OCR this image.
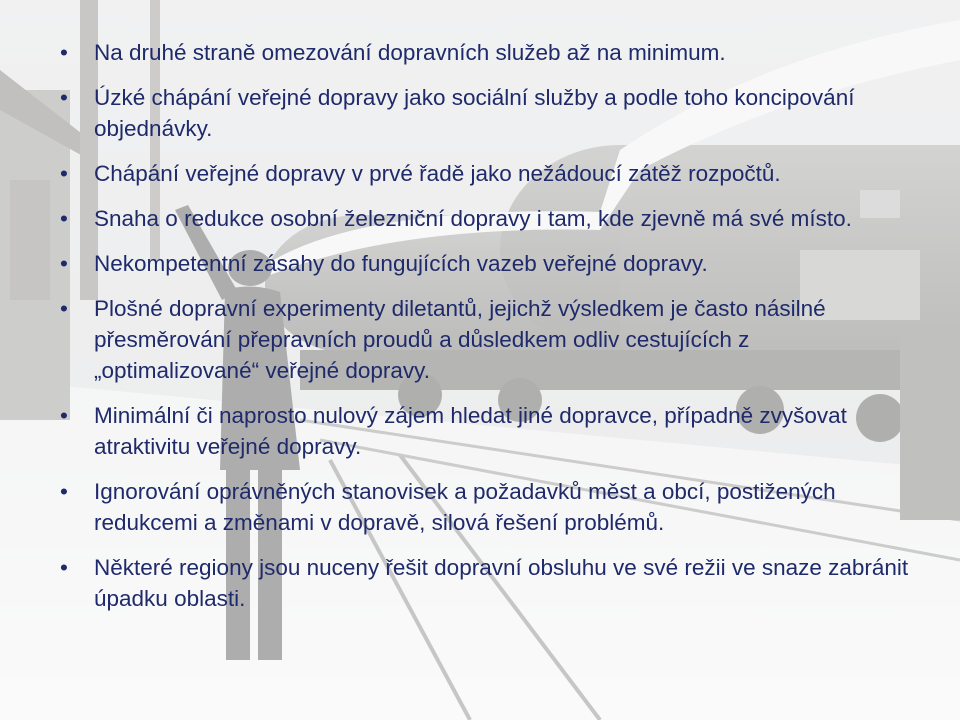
• Na druhé straně omezování dopravních služeb až na minimum.
• Úzké chápání veřejné dopravy jako sociální služby a podle toho koncipování objednávky.
• Chápání veřejné dopravy v prvé řadě jako nežádoucí zátěž rozpočtů.
• Snaha o redukce osobní železniční dopravy i tam, kde zjevně má své místo.
• Nekompetentní zásahy do fungujících vazeb veřejné dopravy.
• Plošné dopravní experimenty diletantů, jejichž výsledkem je často násilné přesměrování přepravních proudů a důsledkem odliv cestujících z „optimalizované“ veřejné dopravy.
• Minimální či naprosto nulový zájem hledat jiné dopravce, případně zvyšovat atraktivitu veřejné dopravy.
• Ignorování oprávněných stanovisek a požadavků měst a obcí, postižených redukcemi a změnami v dopravě, silová řešení problémů.
• Některé regiony jsou nuceny řešit dopravní obsluhu ve své režii ve snaze zabránit úpadku oblasti.
